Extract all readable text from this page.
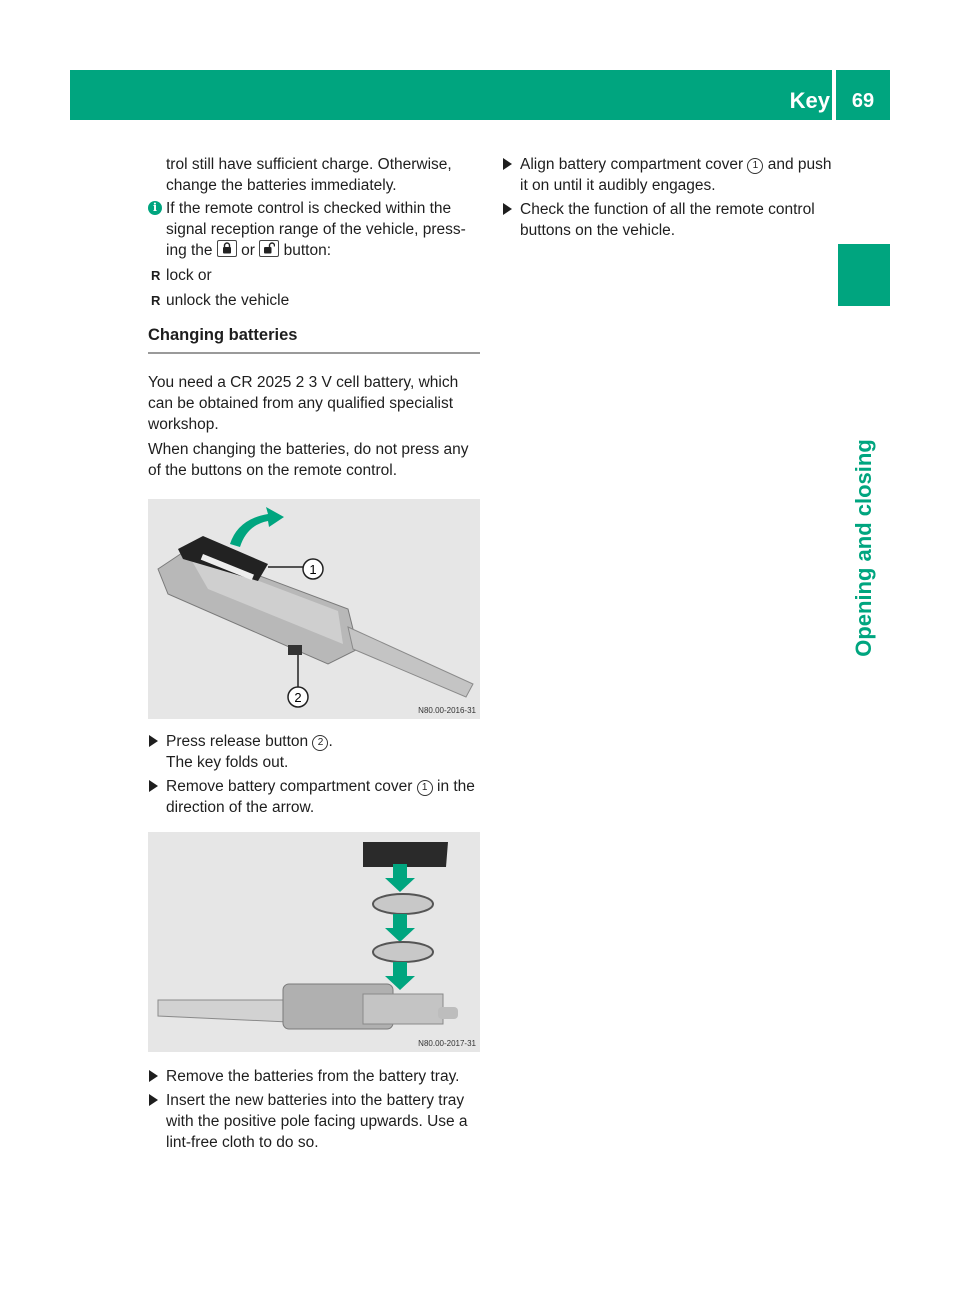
Key	69
Opening and closing

trol still have sufficient charge. Otherwise,
change the batteries immediately.

i If the remote control is checked within the signal reception range of the vehicle, press-ing the or button:
R lock or
R unlock the vehicle
Changing batteries

You need a CR 2025 2 3 V cell battery, which can be obtained from any qualified specialist workshop.

When changing the batteries, do not press any of the buttons on the remote control.

1
2
N80.00-2016-31
Press release button 2 .
The key folds out.
Remove battery compartment cover 1 in the direction of the arrow.
N80.00-2017-31
Remove the batteries from the battery tray.
Insert the new batteries into the battery tray with the positive pole facing upwards. Use a lint-free cloth to do so.
Align battery compartment cover 1 and push it on until it audibly engages.
Check the function of all the remote control buttons on the vehicle.
